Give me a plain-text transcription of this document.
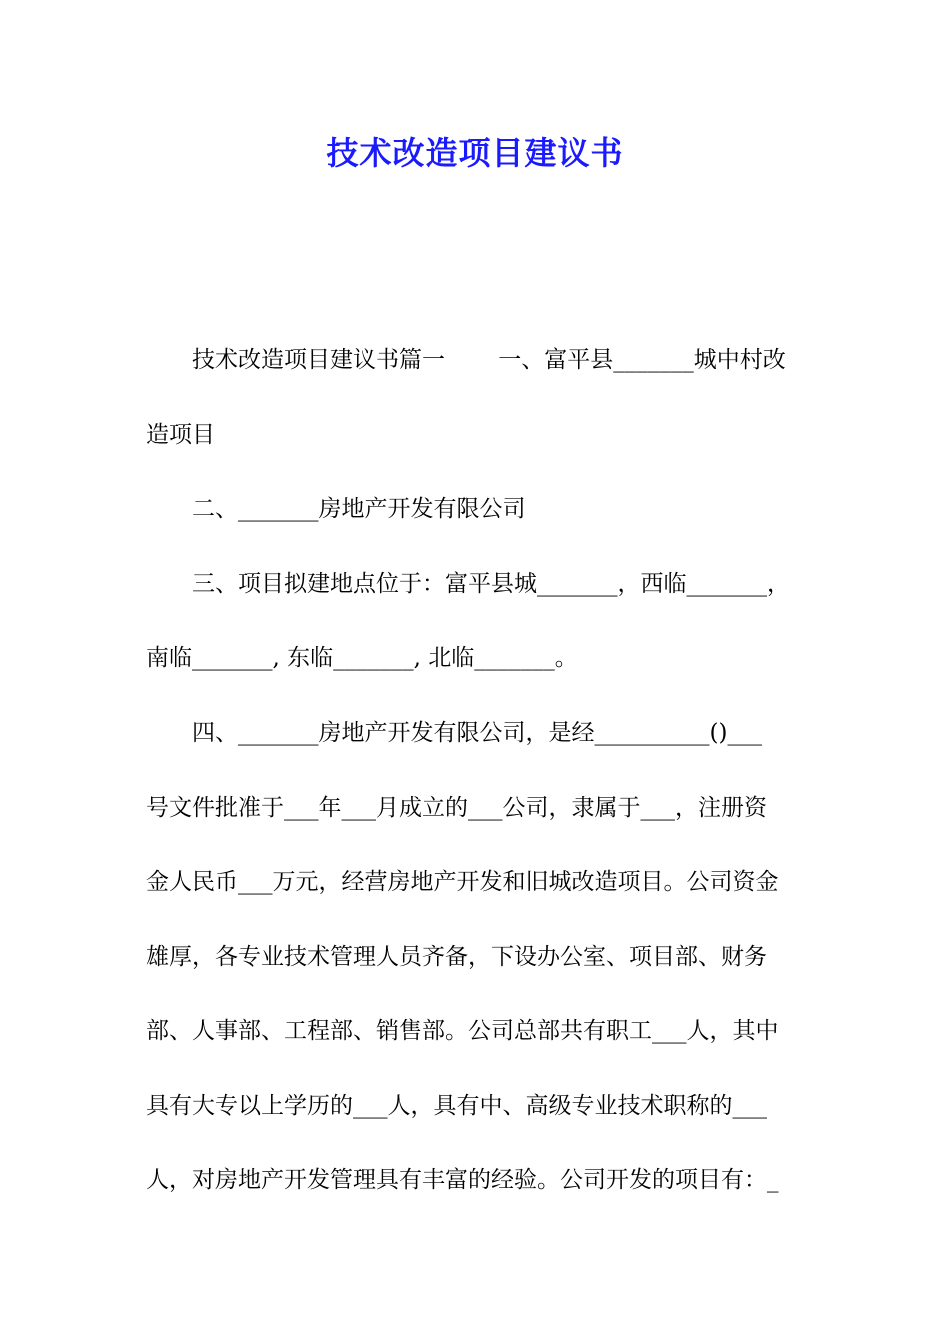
技术改造项目建议书
技术改造项目建议书篇一　　 一、富平县_______城中村改
造项目
二、_______房地产开发有限公司
三、项目拟建地点位于：富平县城_______，西临_______，
南临_______, 东临_______, 北临_______。
四、_______房地产开发有限公司，是经__________()___
号文件批准于___年___月成立的___公司，隶属于___，注册资
金人民币___万元，经营房地产开发和旧城改造项目。公司资金
雄厚，各专业技术管理人员齐备，下设办公室、项目部、财务
部、人事部、工程部、销售部。公司总部共有职工___人，其中
具有大专以上学历的___人，具有中、高级专业技术职称的___
人，对房地产开发管理具有丰富的经验。公司开发的项目有：_
